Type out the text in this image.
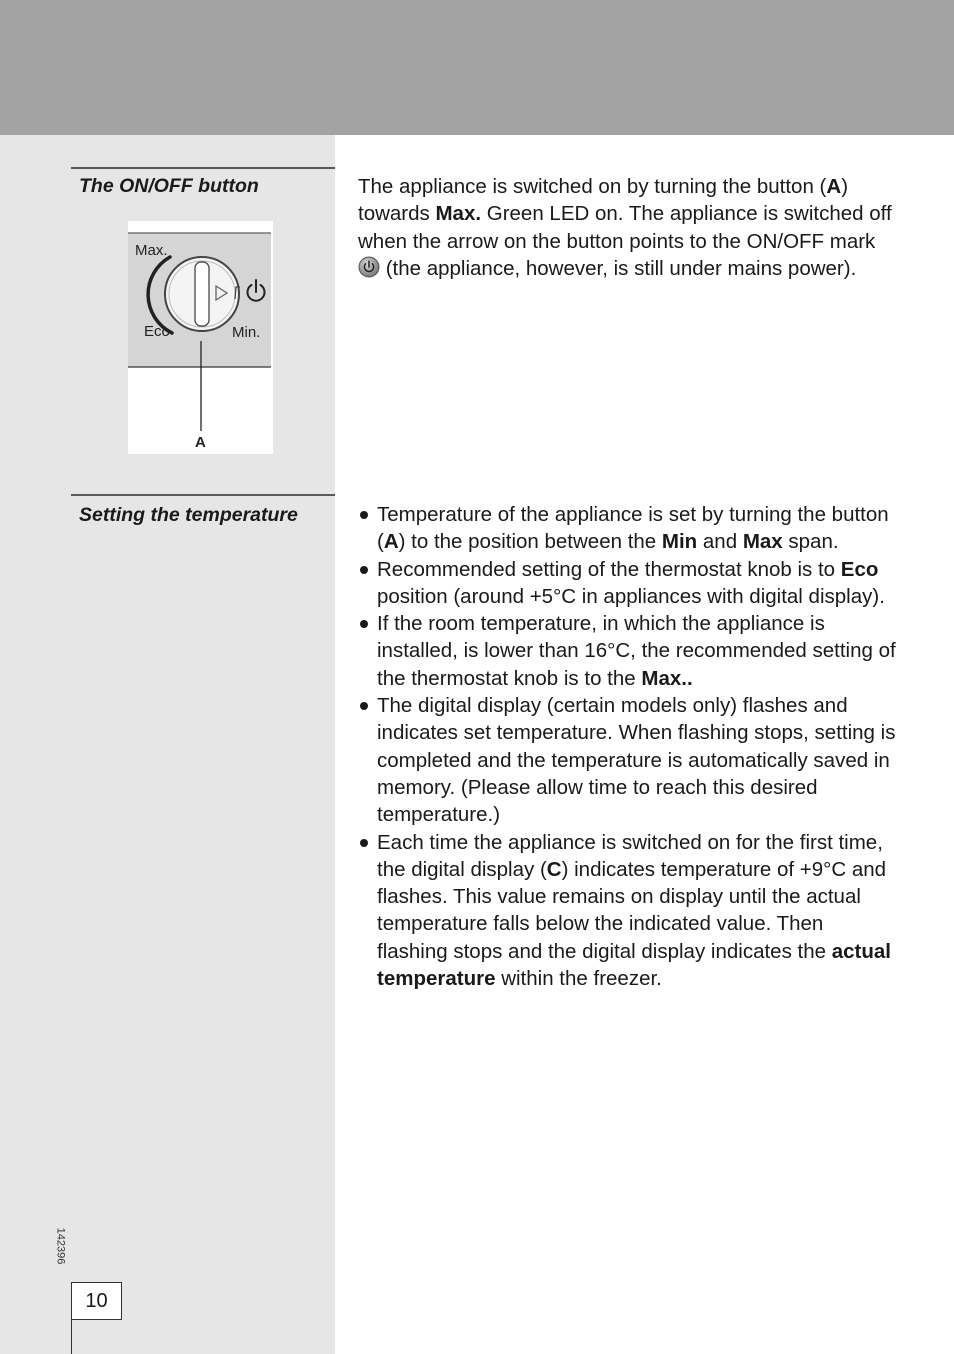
The ON/OFF button	The appliance is switched on by turning the button (A) towards Max. Green LED on. The appliance is switched off when the arrow on the button points to the ON/OFF mark  (the appliance, however, is still under mains power).
Max.
Eco	Min.
A
Setting the temperature	Temperature of the appliance is set by turning the button (A) to the position between the Min and Max span.
Recommended setting of the thermostat knob is to Eco position (around +5°C in appliances with digital display).
If the room temperature, in which the appliance is installed, is lower than 16°C, the recommended setting of the thermostat knob is to the Max..
The digital display (certain models only) flashes and indicates set temperature. When flashing stops, setting is completed and the temperature is automatically saved in memory. (Please allow time to reach this desired temperature.)
Each time the appliance is switched on for the first time, the digital display (C) indicates temperature of +9°C and flashes. This value remains on display until the actual temperature falls below the indicated value. Then flashing stops and the digital display indicates the actual temperature within the freezer.
142396
10
